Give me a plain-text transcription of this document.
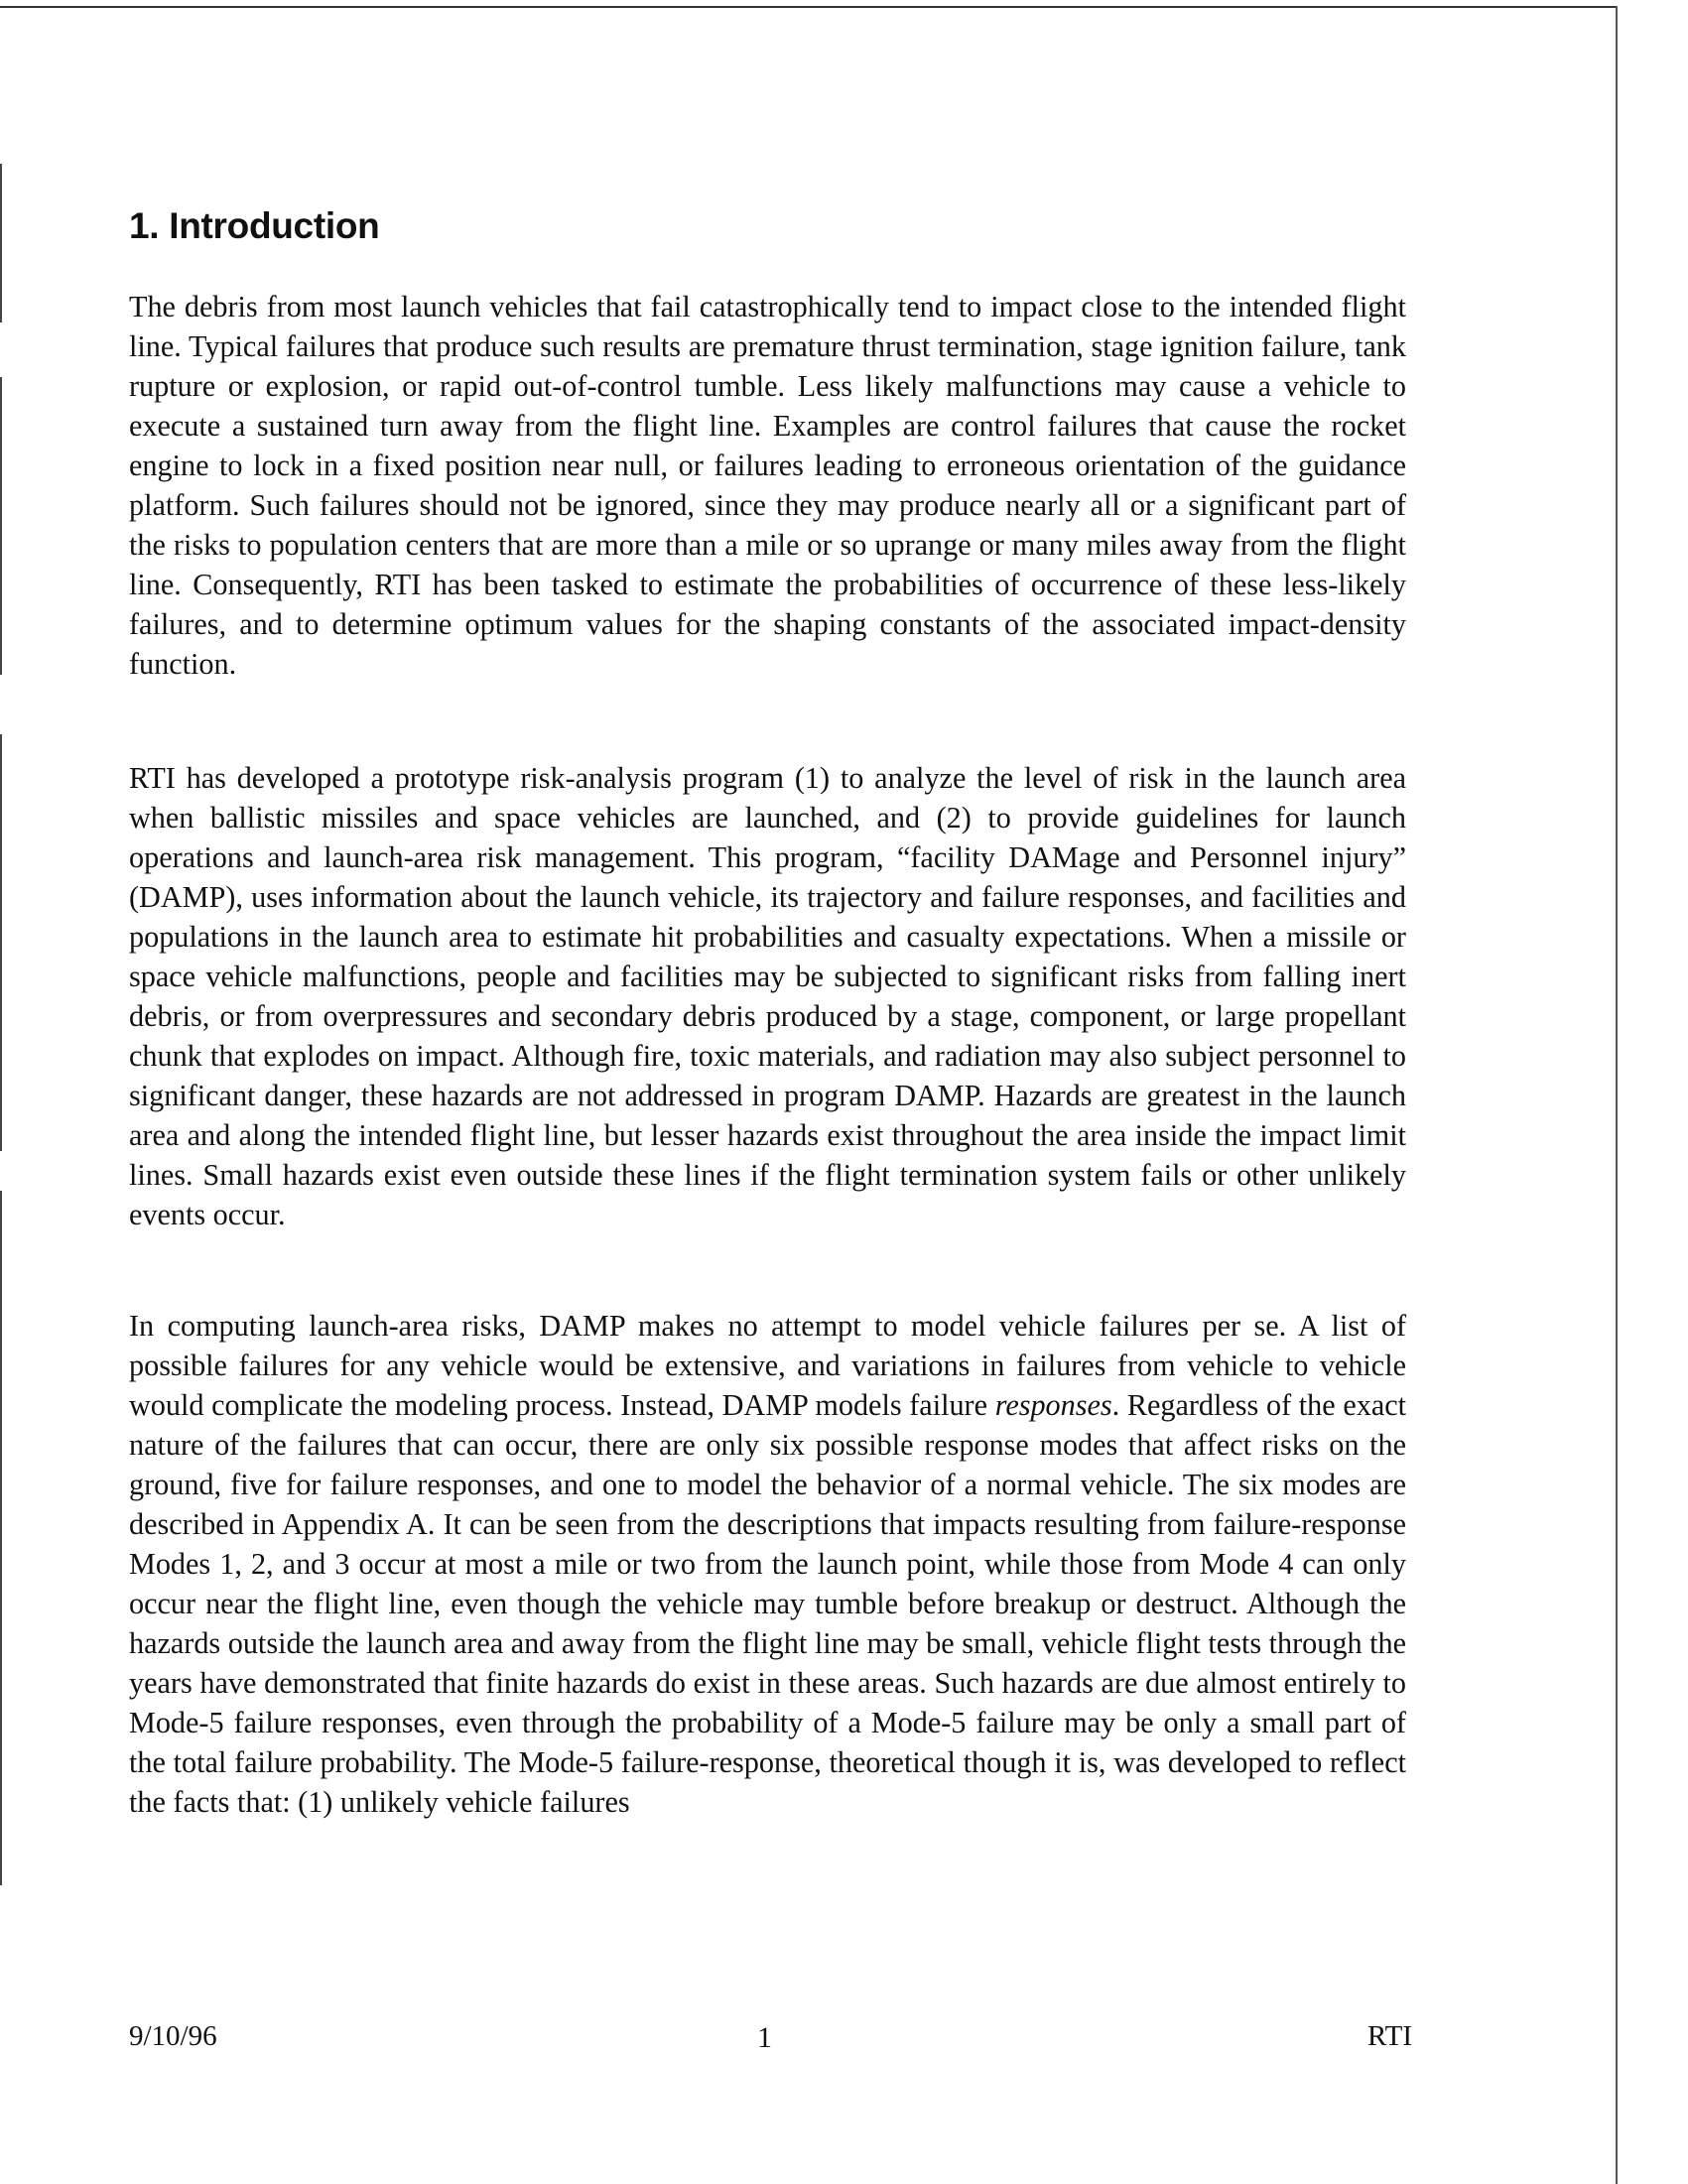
1. Introduction

The debris from most launch vehicles that fail catastrophically tend to impact close to the intended flight line. Typical failures that produce such results are premature thrust termination, stage ignition failure, tank rupture or explosion, or rapid out-of-control tumble. Less likely malfunctions may cause a vehicle to execute a sustained turn away from the flight line. Examples are control failures that cause the rocket engine to lock in a fixed position near null, or failures leading to erroneous orientation of the guidance platform. Such failures should not be ignored, since they may produce nearly all or a significant part of the risks to population centers that are more than a mile or so uprange or many miles away from the flight line. Consequently, RTI has been tasked to estimate the probabilities of occurrence of these less-likely failures, and to determine optimum values for the shaping constants of the associated impact-density function.

RTI has developed a prototype risk-analysis program (1) to analyze the level of risk in the launch area when ballistic missiles and space vehicles are launched, and (2) to provide guidelines for launch operations and launch-area risk management. This program, “facility DAMage and Personnel injury” (DAMP), uses information about the launch vehicle, its trajectory and failure responses, and facilities and populations in the launch area to estimate hit probabilities and casualty expectations. When a missile or space vehicle malfunctions, people and facilities may be subjected to significant risks from falling inert debris, or from overpressures and secondary debris produced by a stage, component, or large propellant chunk that explodes on impact. Although fire, toxic materials, and radiation may also subject personnel to significant danger, these hazards are not addressed in program DAMP. Hazards are greatest in the launch area and along the intended flight line, but lesser hazards exist throughout the area inside the impact limit lines. Small hazards exist even outside these lines if the flight termination system fails or other unlikely events occur.

In computing launch-area risks, DAMP makes no attempt to model vehicle failures per se. A list of possible failures for any vehicle would be extensive, and variations in failures from vehicle to vehicle would complicate the modeling process. Instead, DAMP models failure responses. Regardless of the exact nature of the failures that can occur, there are only six possible response modes that affect risks on the ground, five for failure responses, and one to model the behavior of a normal vehicle. The six modes are described in Appendix A. It can be seen from the descriptions that impacts resulting from failure-response Modes 1, 2, and 3 occur at most a mile or two from the launch point, while those from Mode 4 can only occur near the flight line, even though the vehicle may tumble before breakup or destruct. Although the hazards outside the launch area and away from the flight line may be small, vehicle flight tests through the years have demonstrated that finite hazards do exist in these areas. Such hazards are due almost entirely to Mode-5 failure responses, even through the probability of a Mode-5 failure may be only a small part of the total failure probability. The Mode-5 failure-response, theoretical though it is, was developed to reflect the facts that: (1) unlikely vehicle failures

9/10/96	1	RTI
